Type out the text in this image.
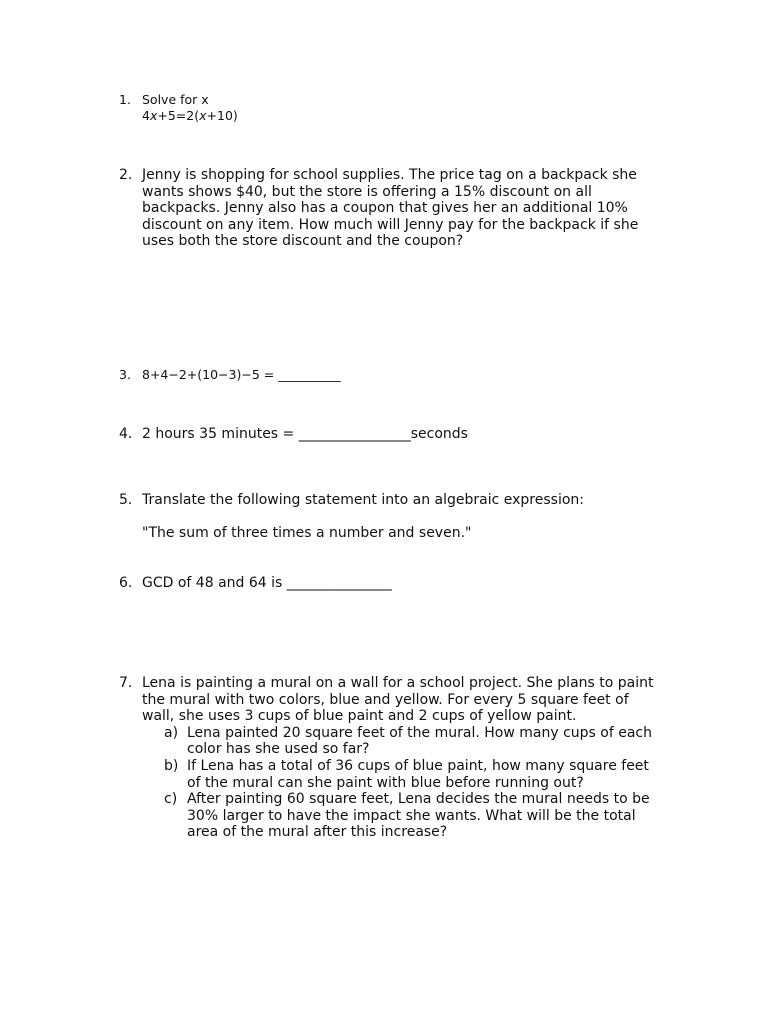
1. Solve for x
4x+5=2(x+10)
2. Jenny is shopping for school supplies. The price tag on a backpack she
wants shows $40, but the store is offering a 15% discount on all
backpacks. Jenny also has a coupon that gives her an additional 10%
discount on any item. How much will Jenny pay for the backpack if she
uses both the store discount and the coupon?
3. 8+4−2+(10−3)−5 = __________
4. 2 hours 35 minutes = ________________seconds
5. Translate the following statement into an algebraic expression:
"The sum of three times a number and seven."
6. GCD of 48 and 64 is _______________
7. Lena is painting a mural on a wall for a school project. She plans to paint
the mural with two colors, blue and yellow. For every 5 square feet of
wall, she uses 3 cups of blue paint and 2 cups of yellow paint.
a) Lena painted 20 square feet of the mural. How many cups of each
color has she used so far?
b) If Lena has a total of 36 cups of blue paint, how many square feet
of the mural can she paint with blue before running out?
c) After painting 60 square feet, Lena decides the mural needs to be
30% larger to have the impact she wants. What will be the total
area of the mural after this increase?
